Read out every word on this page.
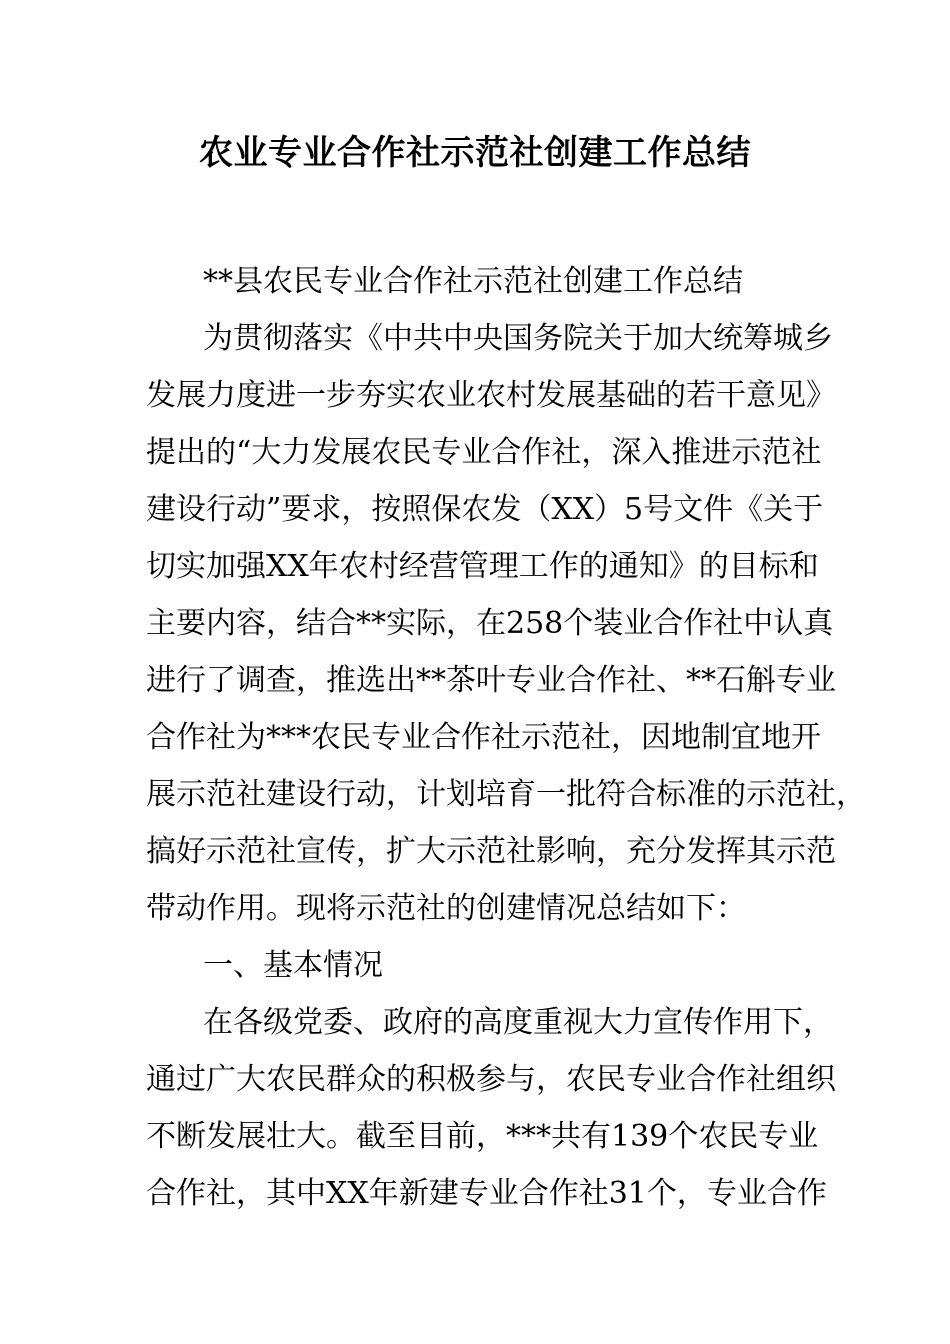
农业专业合作社示范社创建工作总结
**县农民专业合作社示范社创建工作总结
为贯彻落实《中共中央国务院关于加大统筹城乡
发展力度进一步夯实农业农村发展基础的若干意见》
提出的“大力发展农民专业合作社，深入推进示范社
建设行动”要求，按照保农发（XX）5号文件《关于
切实加强XX年农村经营管理工作的通知》的目标和
主要内容，结合**实际，在258个装业合作社中认真
进行了调查，推选出**茶叶专业合作社、**石斛专业
合作社为***农民专业合作社示范社，因地制宜地开
展示范社建设行动，计划培育一批符合标准的示范社，
搞好示范社宣传，扩大示范社影响，充分发挥其示范
带动作用。现将示范社的创建情况总结如下：
一、基本情况
在各级党委、政府的高度重视大力宣传作用下，
通过广大农民群众的积极参与，农民专业合作社组织
不断发展壮大。截至目前，***共有139个农民专业
合作社，其中XX年新建专业合作社31个，专业合作
